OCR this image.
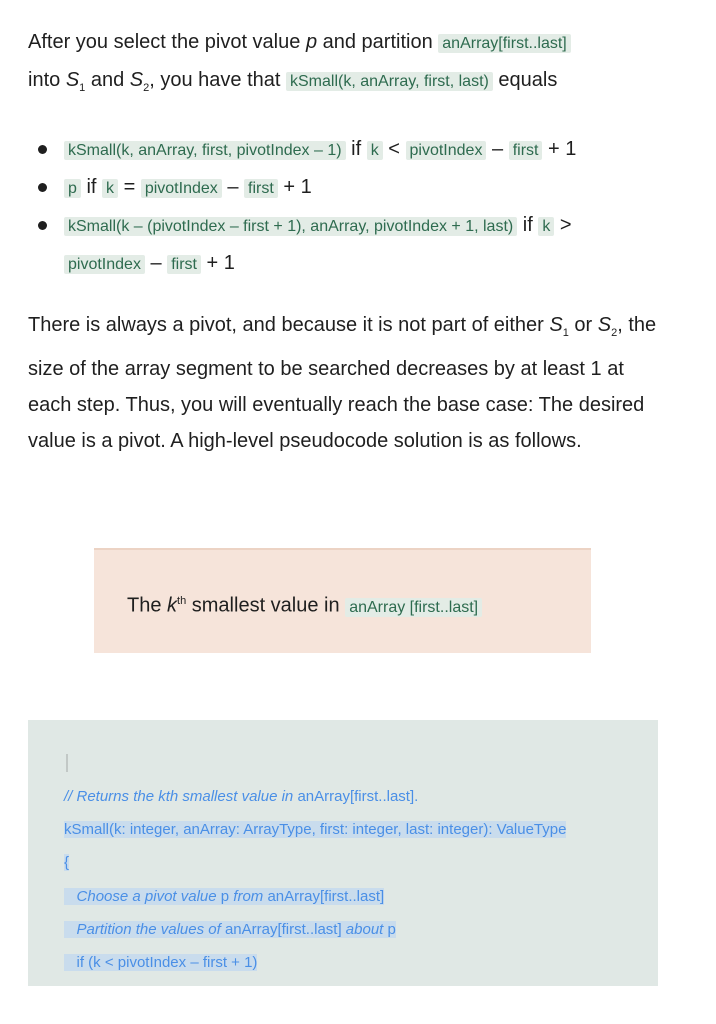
After you select the pivot value p and partition anArray[first..last]
into $S_1$ and $S_2$, you have that kSmall(k, anArray, first, last) equals

kSmall(k, anArray, first, pivotIndex – 1) if k < pivotIndex – first + 1
p if k = pivotIndex – first + 1
kSmall(k – (pivotIndex – first + 1), anArray, pivotIndex + 1, last) if k >
pivotIndex – first + 1

There is always a pivot, and because it is not part of either $S_1$ or $S_2$, the size of the array segment to be searched decreases by at least 1 at each step. Thus, you will eventually reach the base case: The desired value is a pivot. A high-level pseudocode solution is as follows.

The $k^{th}$ smallest value in anArray [first..last]
// Returns the kth smallest value in anArray[first..last].
kSmall(k: integer, anArray: ArrayType, first: integer, last: integer): ValueType
{
Choose a pivot value p from anArray[first..last]
Partition the values of anArray[first..last] about p
if (k < pivotIndex – first + 1)
